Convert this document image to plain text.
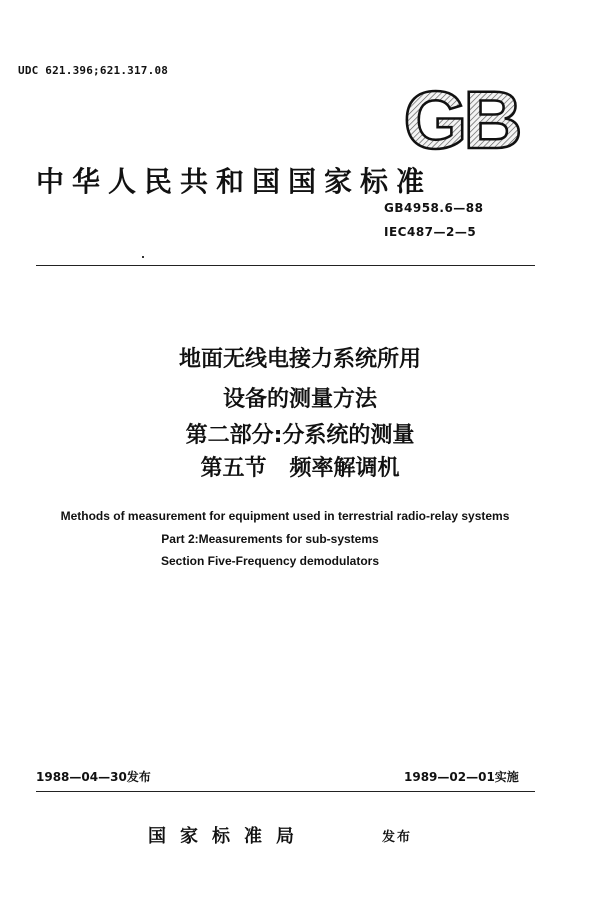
UDC 621.396;621.317.08
GB
中华人民共和国国家标准
GB4958.6—88
IEC487—2—5
地面无线电接力系统所用
设备的测量方法
第二部分:分系统的测量
第五节   频率解调机
Methods of measurement for equipment used in terrestrial radio-relay systems
Part 2:Measurements for sub-systems
Section Five-Frequency demodulators
1988—04—30发布	1989—02—01实施
国家标准局	发布
